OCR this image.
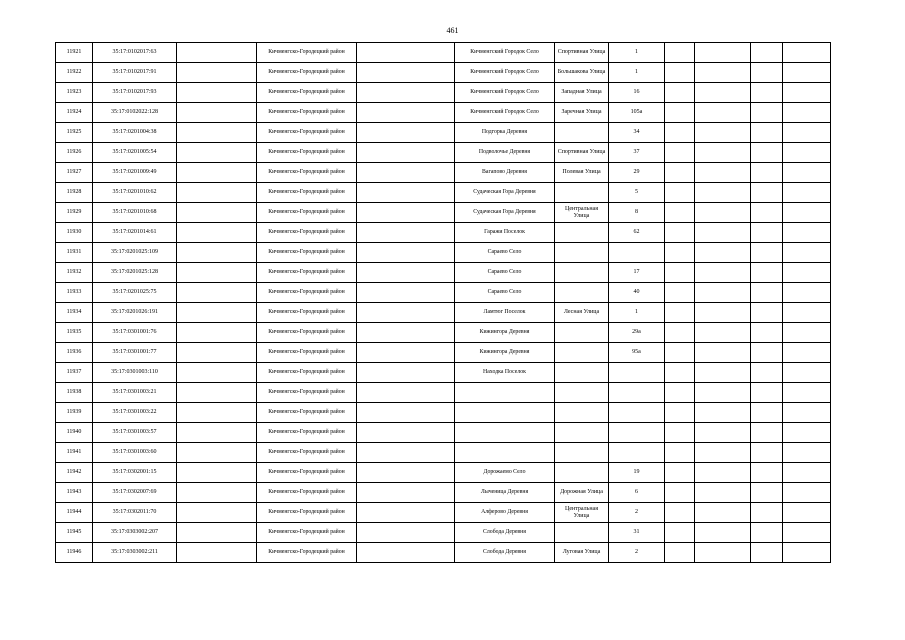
461
11921	35:17:0102017:63		Кичменгско-Городецкий район		Кичменгский Городок Село	Спортивная Улица	1				
11922	35:17:0102017:91		Кичменгско-Городецкий район		Кичменгский Городок Село	Большакова Улица	1				
11923	35:17:0102017:93		Кичменгско-Городецкий район		Кичменгский Городок Село	Западная Улица	16				
11924	35:17:0102022:128		Кичменгско-Городецкий район		Кичменгский Городок Село	Заречная Улица	105а				
11925	35:17:0201004:38		Кичменгско-Городецкий район		Подгорка Деревня		34				
11926	35:17:0201005:54		Кичменгско-Городецкий район		Подволочье Деревня	Спортивная Улица	37				
11927	35:17:0201009:49		Кичменгско-Городецкий район		Вагапово Деревня	Полевая Улица	29				
11928	35:17:0201010:62		Кичменгско-Городецкий район		Судаческая Гора Деревня		5				
11929	35:17:0201010:68		Кичменгско-Городецкий район		Судаческая Гора Деревня	Центральная Улица	8				
11930	35:17:0201014:61		Кичменгско-Городецкий район		Гаражи Поселок		62				
11931	35:17:0201025:109		Кичменгско-Городецкий район		Сараево Село						
11932	35:17:0201025:128		Кичменгско-Городецкий район		Сараево Село		17				
11933	35:17:0201025:75		Кичменгско-Городецкий район		Сараево Село		40				
11934	35:17:0201026:191		Кичменгско-Городецкий район		Ламтюг Поселок	Лесная Улица	1				
11935	35:17:0301001:76		Кичменгско-Городецкий район		Кижингора Деревня		29а				
11936	35:17:0301001:77		Кичменгско-Городецкий район		Кижингора Деревня		95а				
11937	35:17:0301003:110		Кичменгско-Городецкий район		Находка Поселок						
11938	35:17:0301003:21		Кичменгско-Городецкий район								
11939	35:17:0301003:22		Кичменгско-Городецкий район								
11940	35:17:0301003:57		Кичменгско-Городецкий район								
11941	35:17:0301003:60		Кичменгско-Городецкий район								
11942	35:17:0302001:15		Кичменгско-Городецкий район		Дорожаемо Село		19				
11943	35:17:0302007:69		Кичменгско-Городецкий район		Лыченица Деревня	Дорожная Улица	6				
11944	35:17:0302011:70		Кичменгско-Городецкий район		Алферово Деревня	Центральная Улица	2				
11945	35:17:0303002:207		Кичменгско-Городецкий район		Слобода Деревня		31				
11946	35:17:0303002:211		Кичменгско-Городецкий район		Слобода Деревня	Луговая Улица	2				
